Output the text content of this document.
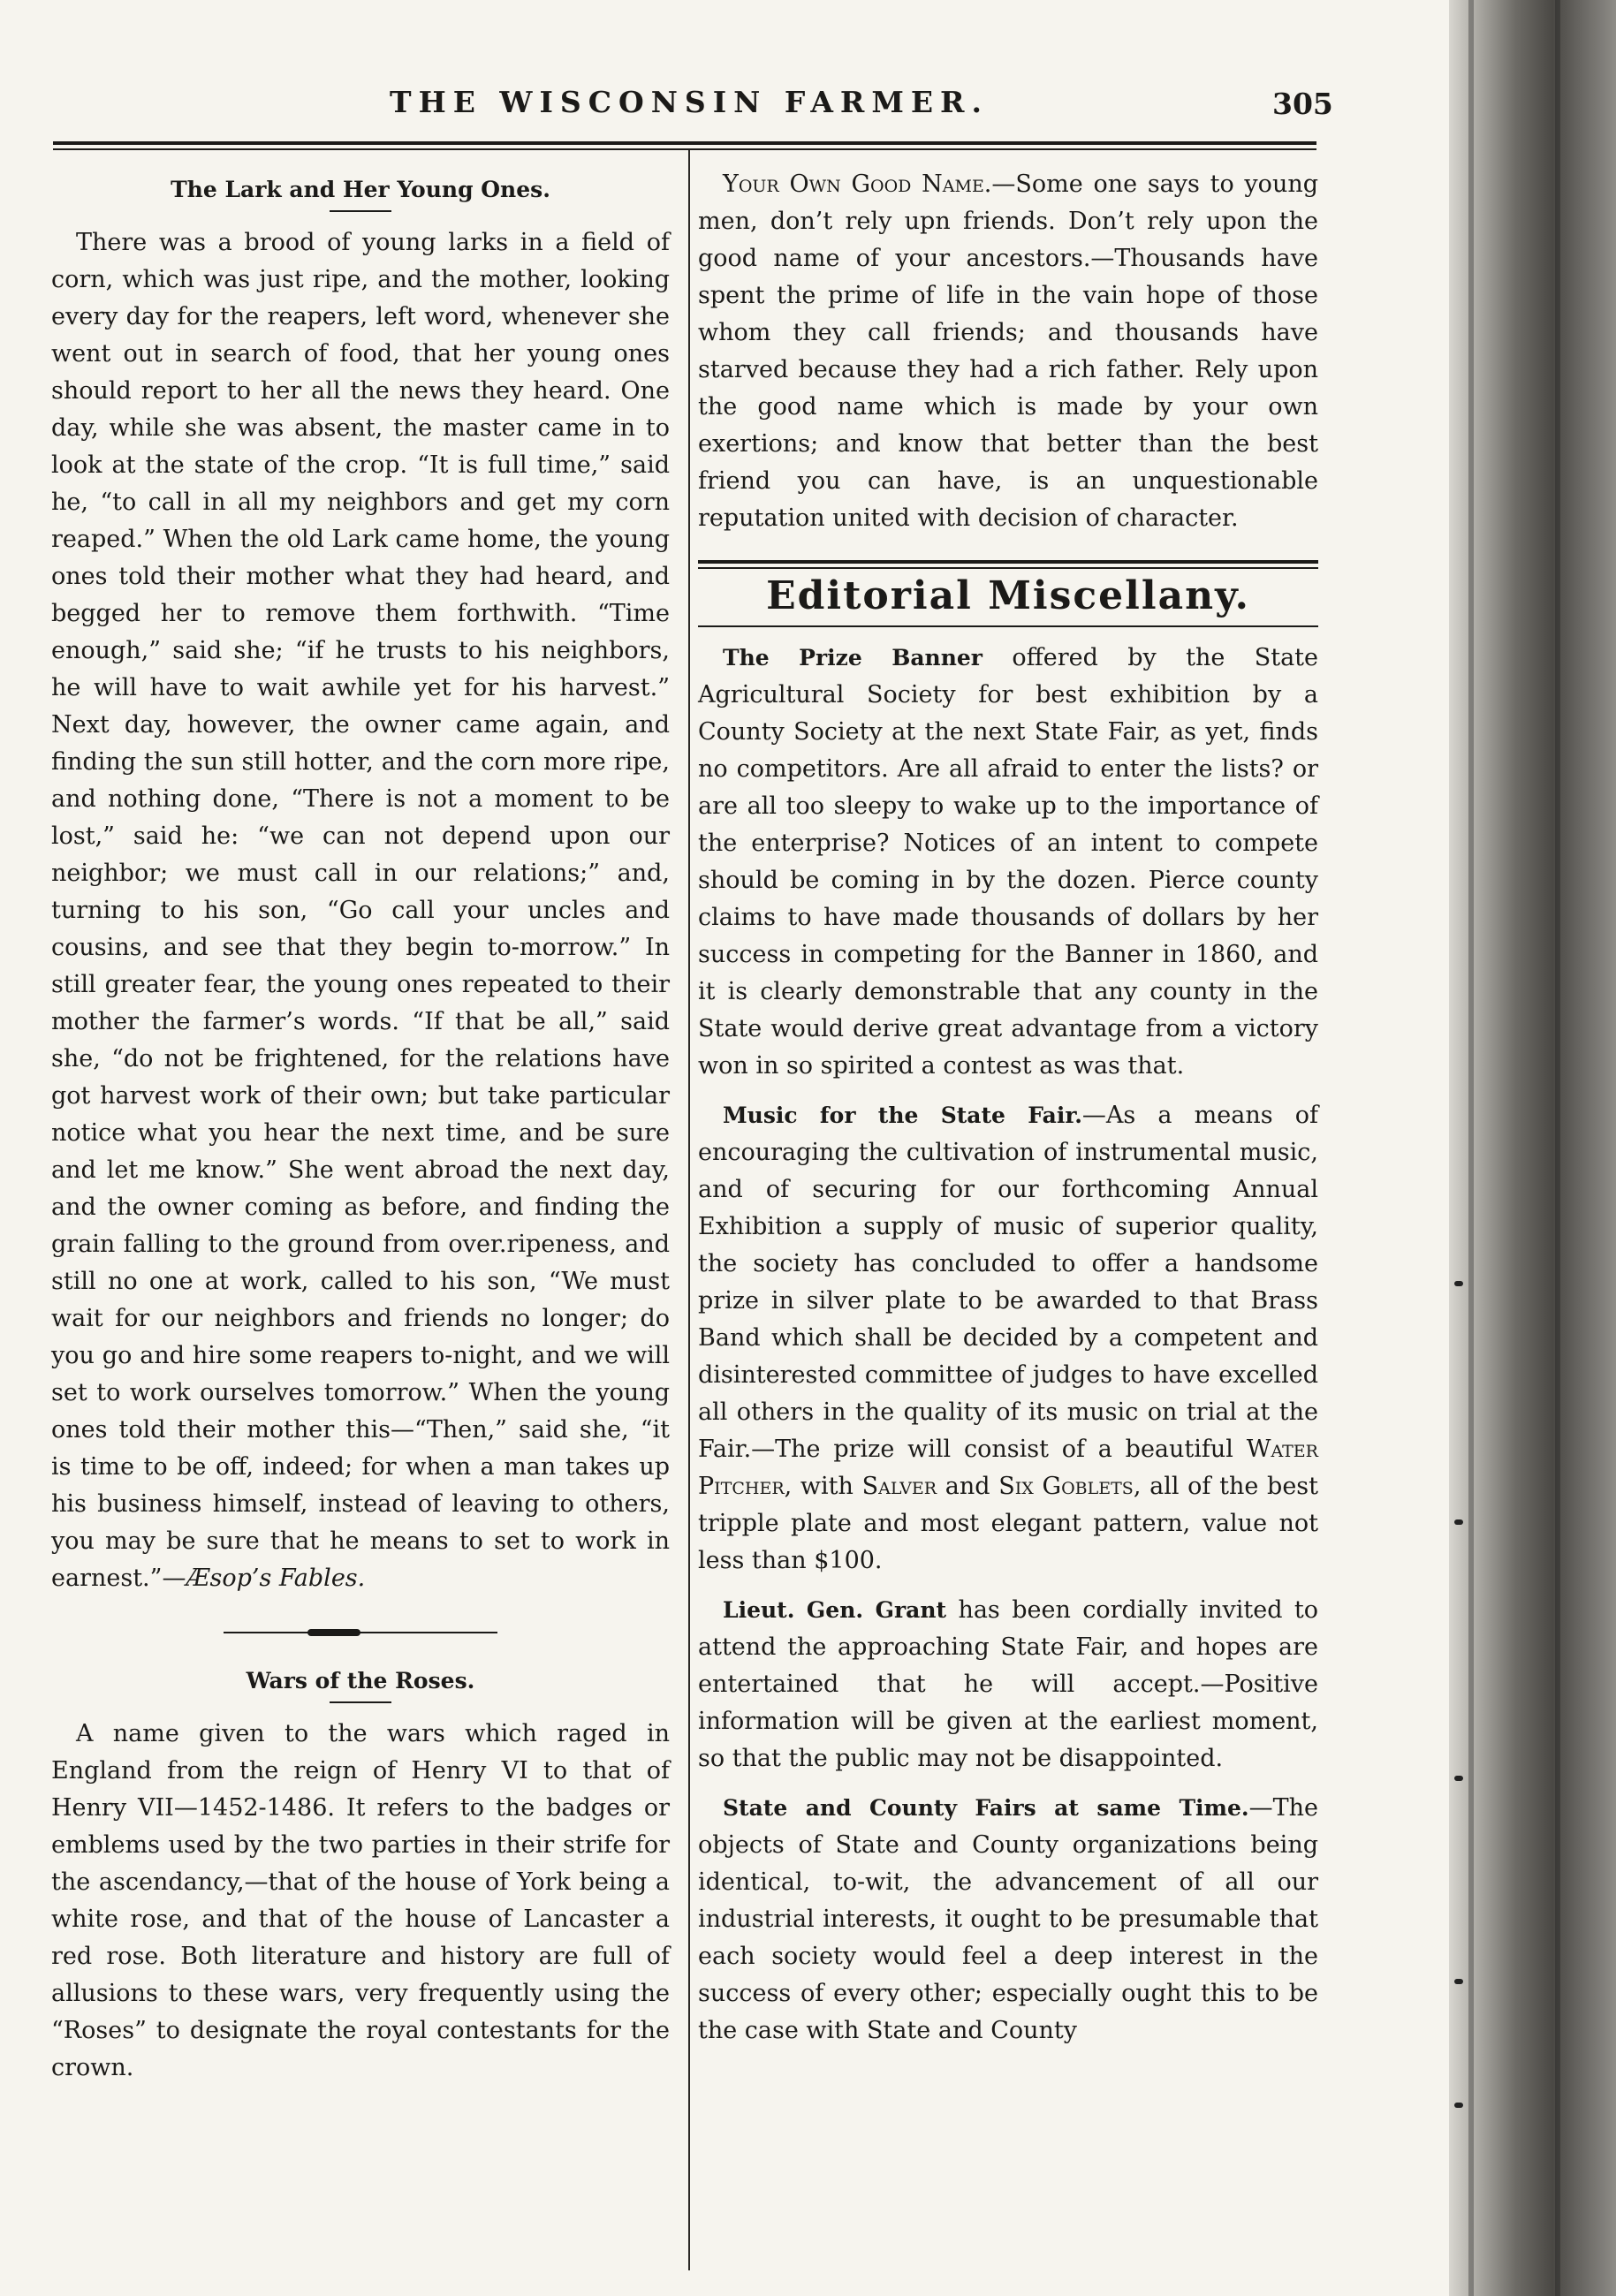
THE WISCONSIN FARMER.	305
The Lark and Her Young Ones.

There was a brood of young larks in a field of corn, which was just ripe, and the mother, looking every day for the reapers, left word, whenever she went out in search of food, that her young ones should report to her all the news they heard. One day, while she was absent, the master came in to look at the state of the crop. “It is full time,” said he, “to call in all my neighbors and get my corn reaped.” When the old Lark came home, the young ones told their mother what they had heard, and begged her to remove them forthwith. “Time enough,” said she; “if he trusts to his neighbors, he will have to wait awhile yet for his harvest.” Next day, however, the owner came again, and finding the sun still hotter, and the corn more ripe, and nothing done, “There is not a moment to be lost,” said he: “we can not depend upon our neighbor; we must call in our relations;” and, turning to his son, “Go call your uncles and cousins, and see that they begin to-morrow.” In still greater fear, the young ones repeated to their mother the farmer’s words. “If that be all,” said she, “do not be frightened, for the relations have got harvest work of their own; but take particular notice what you hear the next time, and be sure and let me know.” She went abroad the next day, and the owner coming as before, and finding the grain falling to the ground from over.ripeness, and still no one at work, called to his son, “We must wait for our neighbors and friends no longer; do you go and hire some reapers to-night, and we will set to work ourselves tomorrow.” When the young ones told their mother this—“Then,” said she, “it is time to be off, indeed; for when a man takes up his business himself, instead of leaving to others, you may be sure that he means to set to work in earnest.”—Æsop’s Fables.

Wars of the Roses.

A name given to the wars which raged in England from the reign of Henry VI to that of Henry VII—1452-1486. It refers to the badges or emblems used by the two parties in their strife for the ascendancy,—that of the house of York being a white rose, and that of the house of Lancaster a red rose. Both literature and history are full of allusions to these wars, very frequently using the “Roses” to designate the royal contestants for the crown.

Your Own Good Name.—Some one says to young men, don’t rely upn friends. Don’t rely upon the good name of your ancestors.—Thousands have spent the prime of life in the vain hope of those whom they call friends; and thousands have starved because they had a rich father. Rely upon the good name which is made by your own exertions; and know that better than the best friend you can have, is an unquestionable reputation united with decision of character.

Editorial Miscellany.

The Prize Banner offered by the State Agricultural Society for best exhibition by a County Society at the next State Fair, as yet, finds no competitors. Are all afraid to enter the lists? or are all too sleepy to wake up to the importance of the enterprise? Notices of an intent to compete should be coming in by the dozen. Pierce county claims to have made thousands of dollars by her success in competing for the Banner in 1860, and it is clearly demonstrable that any county in the State would derive great advantage from a victory won in so spirited a contest as was that.

Music for the State Fair.—As a means of encouraging the cultivation of instrumental music, and of securing for our forthcoming Annual Exhibition a supply of music of superior quality, the society has concluded to offer a handsome prize in silver plate to be awarded to that Brass Band which shall be decided by a competent and disinterested committee of judges to have excelled all others in the quality of its music on trial at the Fair.—The prize will consist of a beautiful Water Pitcher, with Salver and Six Goblets, all of the best tripple plate and most elegant pattern, value not less than $100.

Lieut. Gen. Grant has been cordially invited to attend the approaching State Fair, and hopes are entertained that he will accept.—Positive information will be given at the earliest moment, so that the public may not be disappointed.

State and County Fairs at same Time.—The objects of State and County organizations being identical, to-wit, the advancement of all our industrial interests, it ought to be presumable that each society would feel a deep interest in the success of every other; especially ought this to be the case with State and County
